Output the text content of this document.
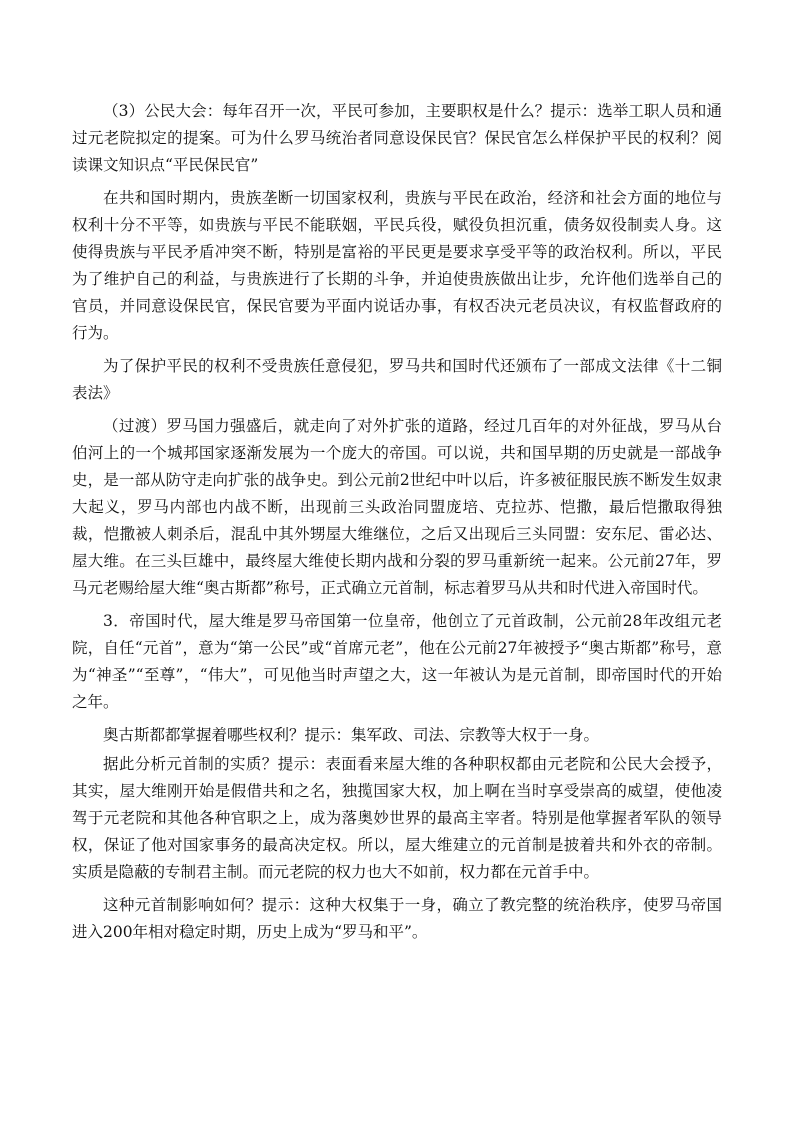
（3）公民大会：每年召开一次，平民可参加，主要职权是什么？提示：选举工职人员和通过元老院拟定的提案。可为什么罗马统治者同意设保民官？保民官怎么样保护平民的权利？阅读课文知识点“平民保民官”

在共和国时期内，贵族垄断一切国家权利，贵族与平民在政治，经济和社会方面的地位与权利十分不平等，如贵族与平民不能联姻，平民兵役，赋役负担沉重，债务奴役制卖人身。这使得贵族与平民矛盾冲突不断，特别是富裕的平民更是要求享受平等的政治权利。所以，平民为了维护自己的利益，与贵族进行了长期的斗争，并迫使贵族做出让步，允许他们选举自己的官员，并同意设保民官，保民官要为平面内说话办事，有权否决元老员决议，有权监督政府的行为。

为了保护平民的权利不受贵族任意侵犯，罗马共和国时代还颁布了一部成文法律《十二铜表法》

（过渡）罗马国力强盛后，就走向了对外扩张的道路，经过几百年的对外征战，罗马从台伯河上的一个城邦国家逐渐发展为一个庞大的帝国。可以说，共和国早期的历史就是一部战争史，是一部从防守走向扩张的战争史。到公元前2世纪中叶以后，许多被征服民族不断发生奴隶大起义，罗马内部也内战不断，出现前三头政治同盟庞培、克拉苏、恺撒，最后恺撒取得独裁，恺撒被人刺杀后，混乱中其外甥屋大维继位，之后又出现后三头同盟：安东尼、雷必达、屋大维。在三头巨雄中，最终屋大维使长期内战和分裂的罗马重新统一起来。公元前27年，罗马元老赐给屋大维“奥古斯都”称号，正式确立元首制，标志着罗马从共和时代进入帝国时代。

3．帝国时代，屋大维是罗马帝国第一位皇帝，他创立了元首政制，公元前28年改组元老院，自任“元首”，意为“第一公民”或“首席元老”，他在公元前27年被授予“奥古斯都”称号，意为“神圣”“至尊”，“伟大”，可见他当时声望之大，这一年被认为是元首制，即帝国时代的开始之年。

奥古斯都都掌握着哪些权利？提示：集军政、司法、宗教等大权于一身。

据此分析元首制的实质？提示：表面看来屋大维的各种职权都由元老院和公民大会授予，其实，屋大维刚开始是假借共和之名，独揽国家大权，加上啊在当时享受崇高的威望，使他凌驾于元老院和其他各种官职之上，成为落奥妙世界的最高主宰者。特别是他掌握者军队的领导权，保证了他对国家事务的最高决定权。所以，屋大维建立的元首制是披着共和外衣的帝制。实质是隐蔽的专制君主制。而元老院的权力也大不如前，权力都在元首手中。

这种元首制影响如何？提示：这种大权集于一身，确立了教完整的统治秩序，使罗马帝国进入200年相对稳定时期，历史上成为“罗马和平”。
